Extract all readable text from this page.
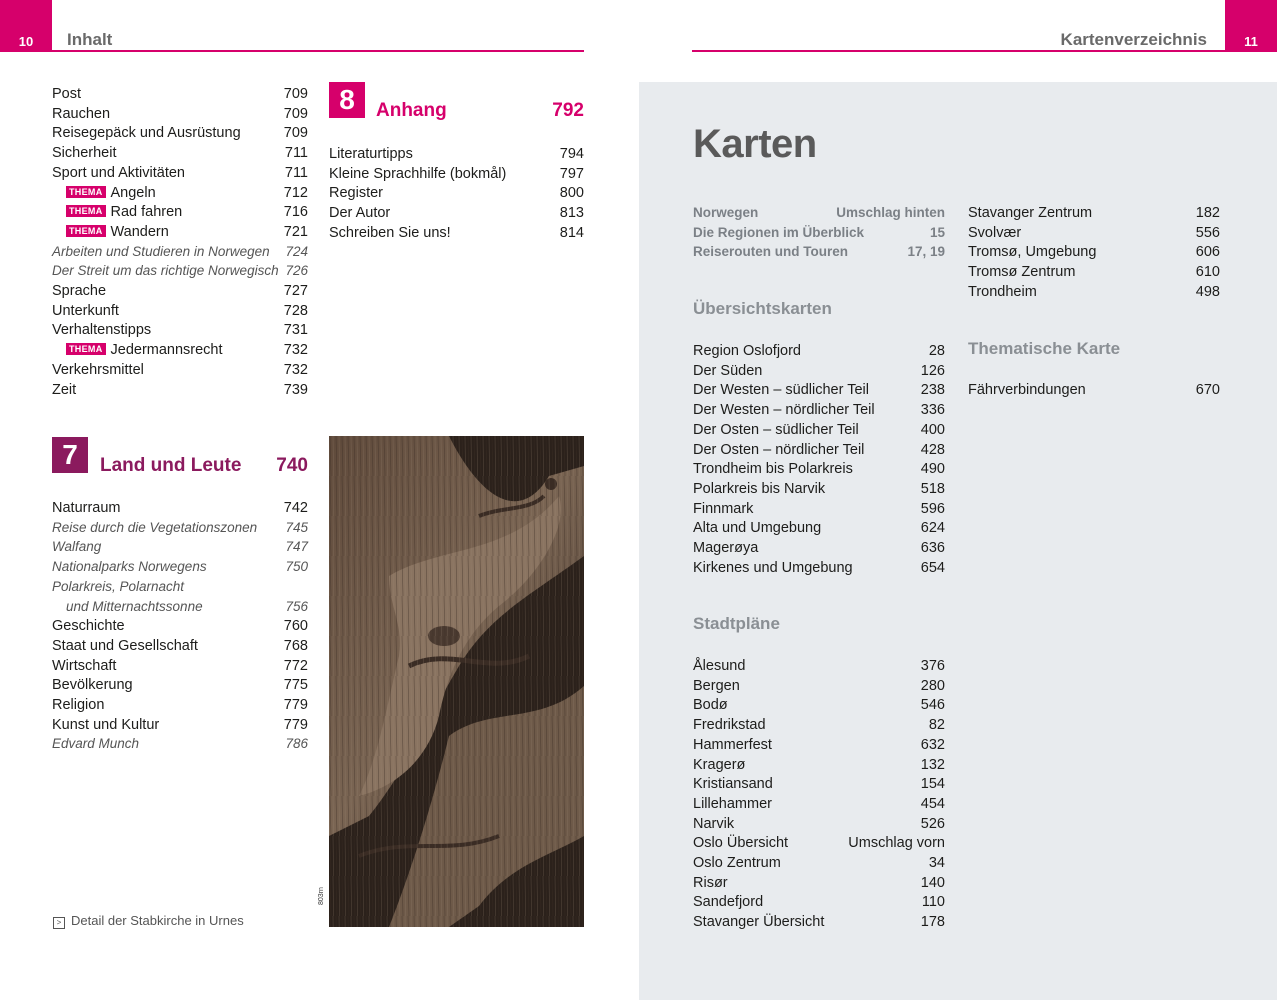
10	Inhalt	11
Kartenverzeichnis
Post	709
Rauchen	709
Reisegepäck und Ausrüstung	709
Sicherheit	711
Sport und Aktivitäten	711
THEMA Angeln	712
THEMA Rad fahren	716
THEMA Wandern	721
Arbeiten und Studieren in Norwegen 724
Der Streit um das richtige Norwegisch 726
Sprache	727
Unterkunft	728
Verhaltenstipps	731
THEMA Jedermannsrecht	732
Verkehrsmittel	732
Zeit	739
7	Land und Leute	740
Naturraum	742
Reise durch die Vegetationszonen 745
Walfang	747
Nationalparks Norwegens	750
Polarkreis, Polarnacht
und Mitternachtssonne	756
Geschichte	760
Staat und Gesellschaft	768
Wirtschaft	772
Bevölkerung	775
Religion	779
Kunst und Kultur	779
Edvard Munch	786
8	Anhang	792
Literaturtipps	794
Kleine Sprachhilfe (bokmål)	797
Register	800
Der Autor	813
Schreiben Sie uns!	814
803rn
> Detail der Stabkirche in Urnes
Karten
Norwegen	Umschlag hinten
Die Regionen im Überblick	15
Reiserouten und Touren	17, 19
Übersichtskarten
Region Oslofjord	28
Der Süden	126
Der Westen – südlicher Teil	238
Der Westen – nördlicher Teil	336
Der Osten – südlicher Teil	400
Der Osten – nördlicher Teil	428
Trondheim bis Polarkreis	490
Polarkreis bis Narvik	518
Finnmark	596
Alta und Umgebung	624
Magerøya	636
Kirkenes und Umgebung	654
Stadtpläne
Ålesund	376
Bergen	280
Bodø	546
Fredrikstad	82
Hammerfest	632
Kragerø	132
Kristiansand	154
Lillehammer	454
Narvik	526
Oslo Übersicht	Umschlag vorn
Oslo Zentrum	34
Risør	140
Sandefjord	110
Stavanger Übersicht	178
Stavanger Zentrum	182
Svolvær	556
Tromsø, Umgebung	606
Tromsø Zentrum	610
Trondheim	498
Thematische Karte
Fährverbindungen	670
